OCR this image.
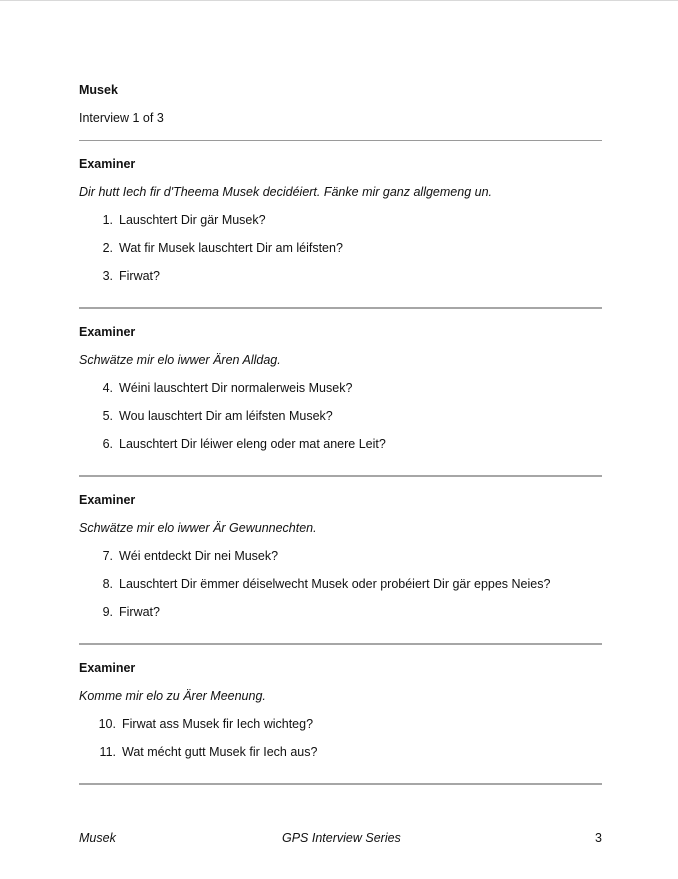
Musek
Interview 1 of 3
Examiner
Dir hutt Iech fir d'Theema Musek decidéiert. Fänke mir ganz allgemeng un.
1. Lauschtert Dir gär Musek?
2. Wat fir Musek lauschtert Dir am léifsten?
3. Firwat?
Examiner
Schwätze mir elo iwwer Ären Alldag.
4. Wéini lauschtert Dir normalerweis Musek?
5. Wou lauschtert Dir am léifsten Musek?
6. Lauschtert Dir léiwer eleng oder mat anere Leit?
Examiner
Schwätze mir elo iwwer Är Gewunnechten.
7. Wéi entdeckt Dir nei Musek?
8. Lauschtert Dir ëmmer déiselwecht Musek oder probéiert Dir gär eppes Neies?
9. Firwat?
Examiner
Komme mir elo zu Ärer Meenung.
10. Firwat ass Musek fir Iech wichteg?
11. Wat mécht gutt Musek fir Iech aus?
Musek	GPS Interview Series	3
